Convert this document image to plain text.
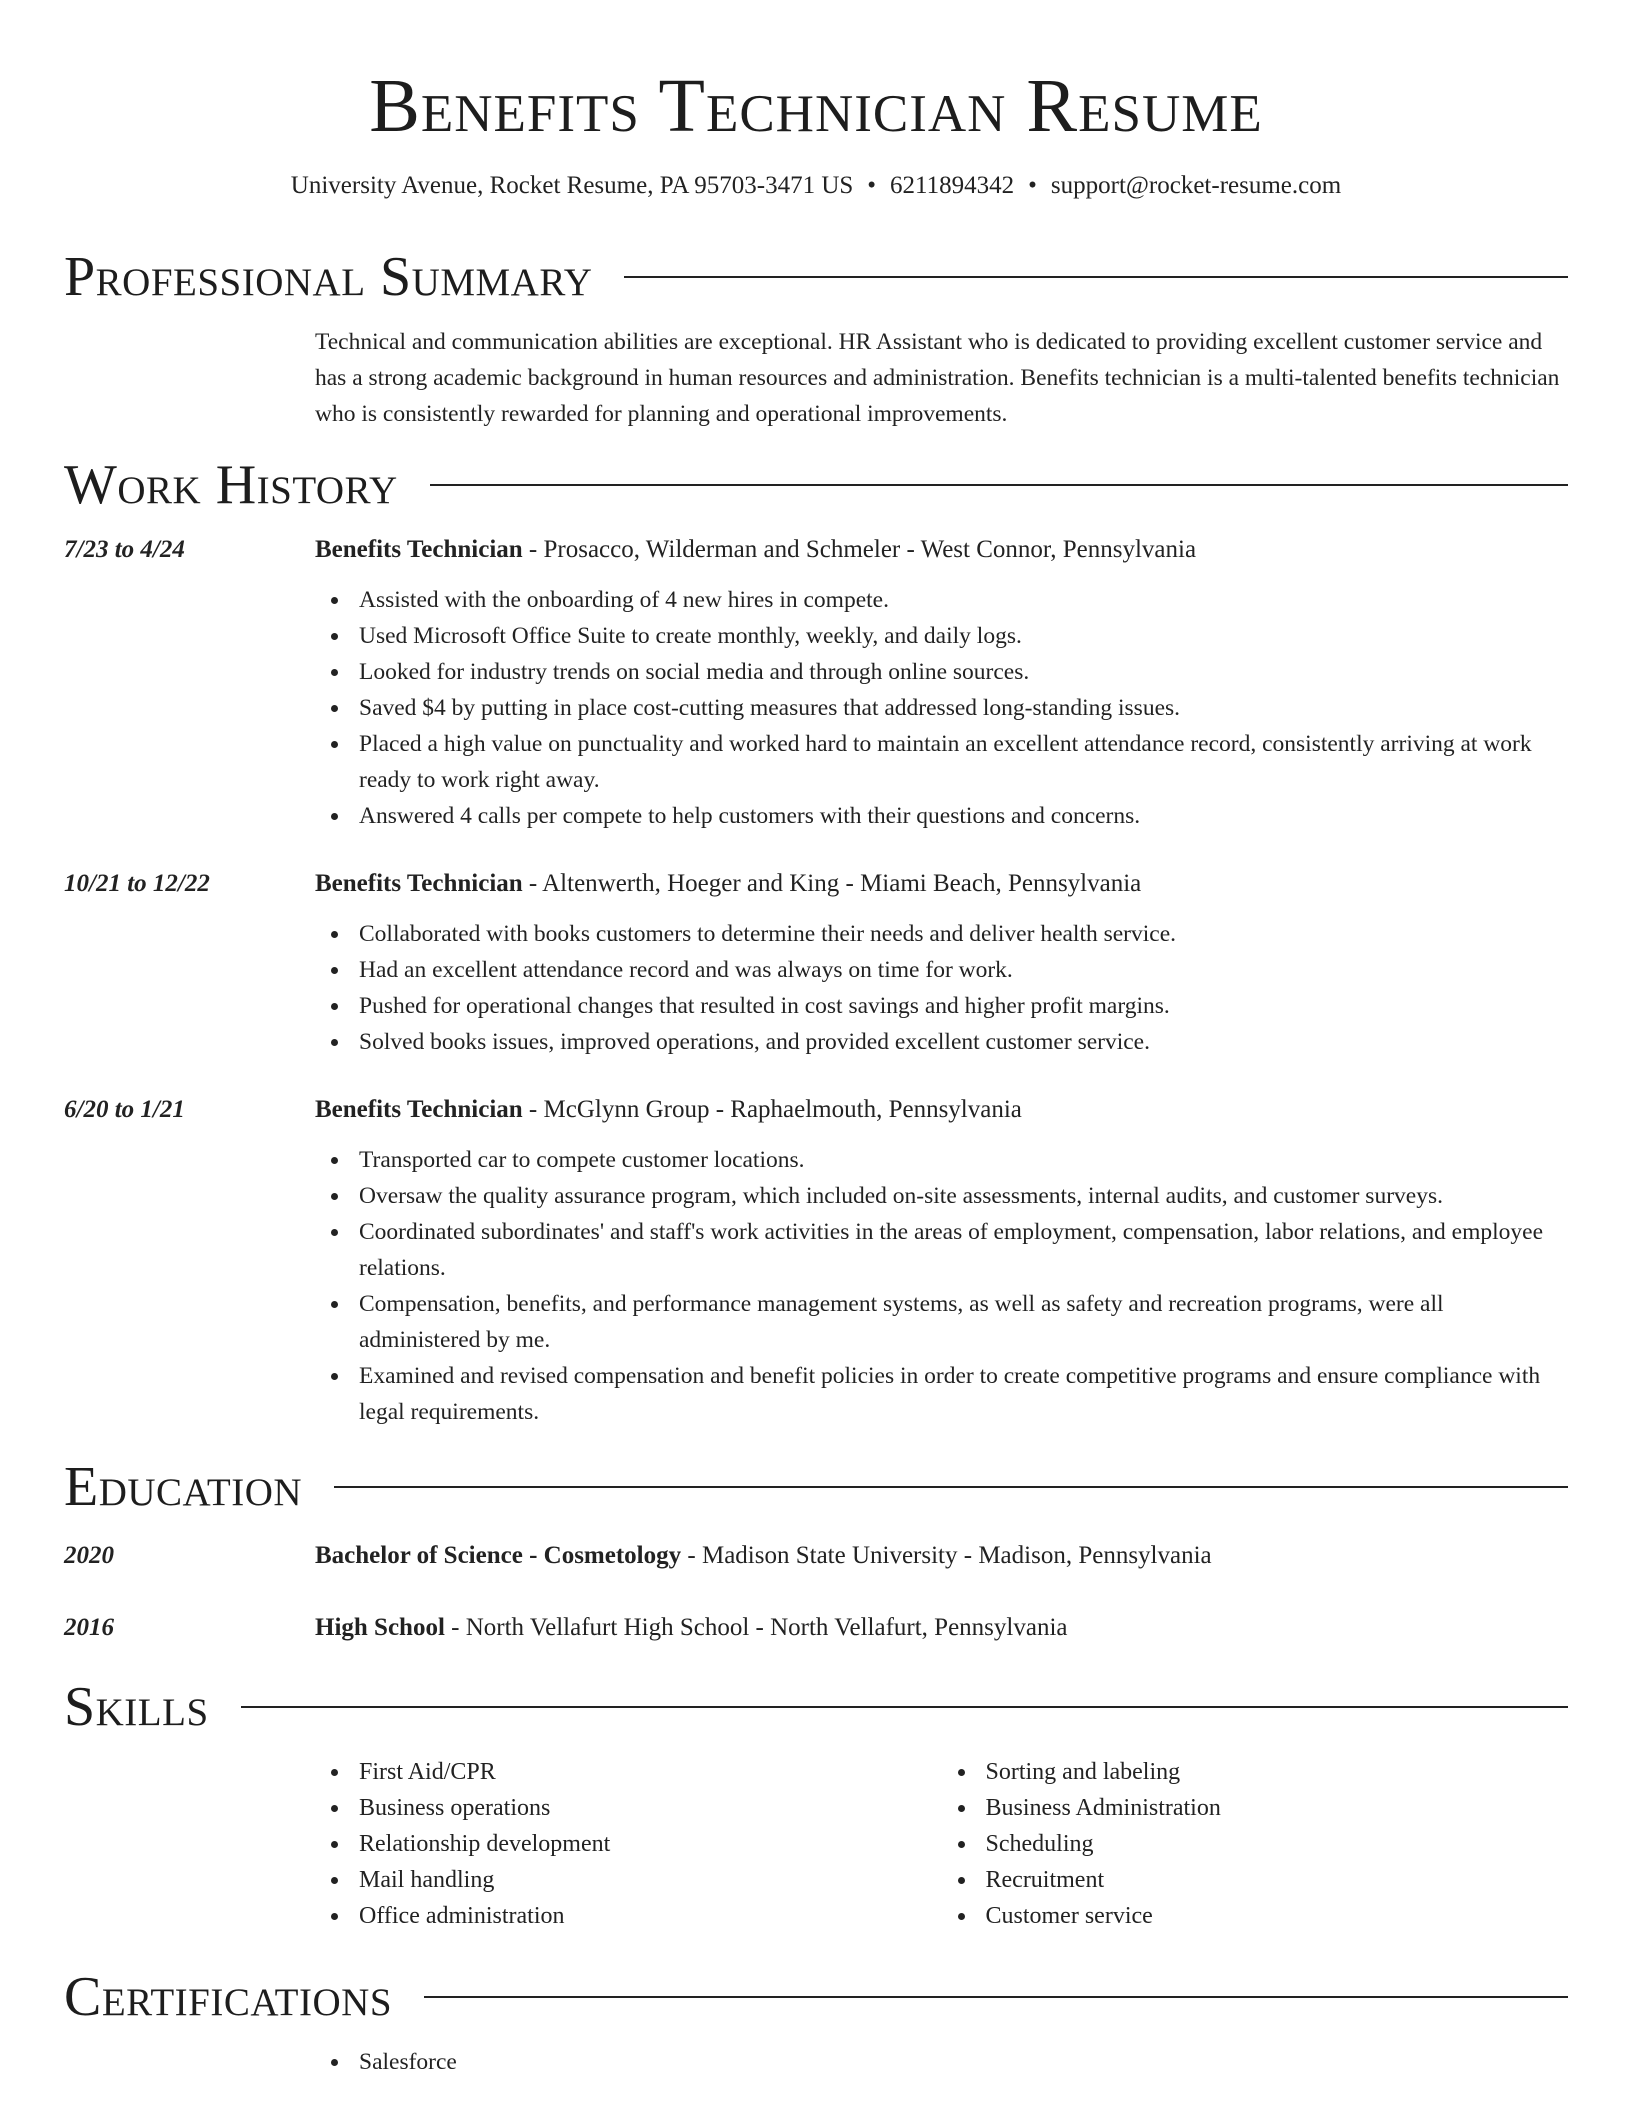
Benefits Technician Resume
University Avenue, Rocket Resume, PA 95703-3471 US • 6211894342 • support@rocket-resume.com
Professional Summary

Technical and communication abilities are exceptional. HR Assistant who is dedicated to providing excellent customer service and has a strong academic background in human resources and administration. Benefits technician is a multi-talented benefits technician who is consistently rewarded for planning and operational improvements.

Work History
7/23 to 4/24	Benefits Technician - Prosacco, Wilderman and Schmeler - West Connor, Pennsylvania
Assisted with the onboarding of 4 new hires in compete.
Used Microsoft Office Suite to create monthly, weekly, and daily logs.
Looked for industry trends on social media and through online sources.
Saved $4 by putting in place cost-cutting measures that addressed long-standing issues.
Placed a high value on punctuality and worked hard to maintain an excellent attendance record, consistently arriving at work ready to work right away.
Answered 4 calls per compete to help customers with their questions and concerns.
10/21 to 12/22	Benefits Technician - Altenwerth, Hoeger and King - Miami Beach, Pennsylvania
Collaborated with books customers to determine their needs and deliver health service.
Had an excellent attendance record and was always on time for work.
Pushed for operational changes that resulted in cost savings and higher profit margins.
Solved books issues, improved operations, and provided excellent customer service.
6/20 to 1/21	Benefits Technician - McGlynn Group - Raphaelmouth, Pennsylvania
Transported car to compete customer locations.
Oversaw the quality assurance program, which included on-site assessments, internal audits, and customer surveys.
Coordinated subordinates' and staff's work activities in the areas of employment, compensation, labor relations, and employee relations.
Compensation, benefits, and performance management systems, as well as safety and recreation programs, were all administered by me.
Examined and revised compensation and benefit policies in order to create competitive programs and ensure compliance with legal requirements.
Education
2020	Bachelor of Science - Cosmetology - Madison State University - Madison, Pennsylvania
2016	High School - North Vellafurt High School - North Vellafurt, Pennsylvania
Skills
First Aid/CPR
Business operations
Relationship development
Mail handling
Office administration
Sorting and labeling
Business Administration
Scheduling
Recruitment
Customer service
Certifications
Salesforce
